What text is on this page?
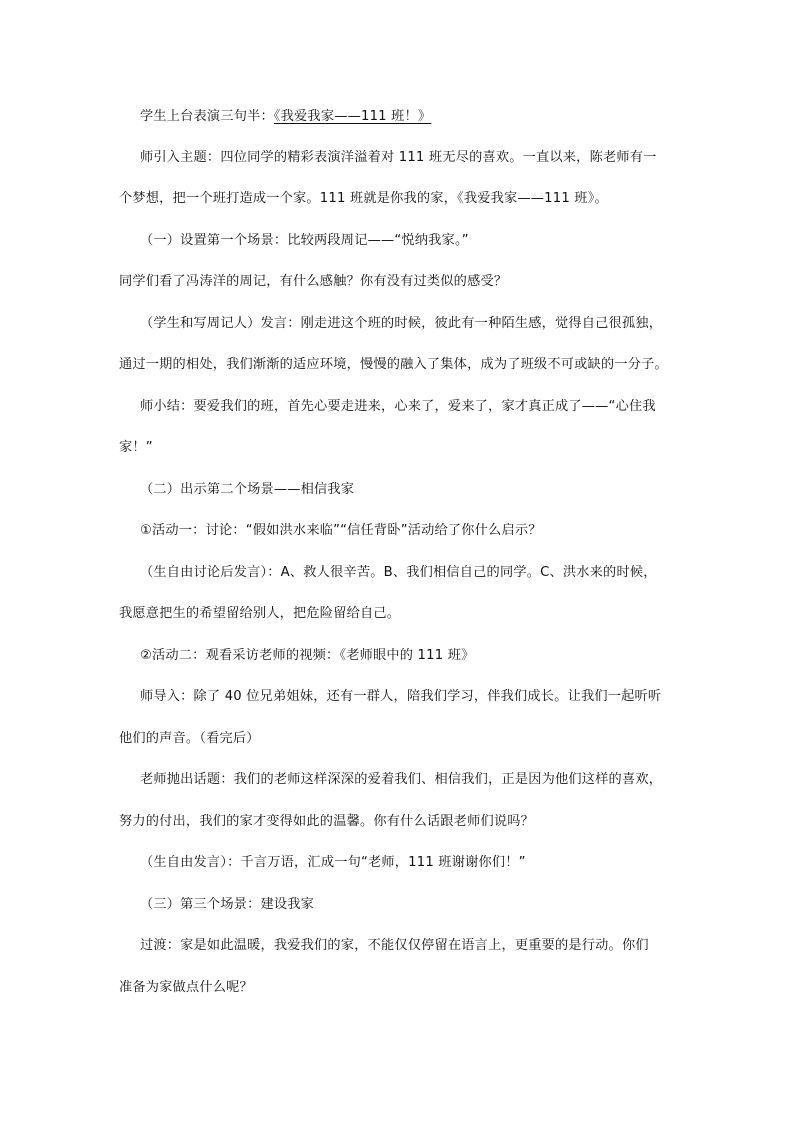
学生上台表演三句半：《我爱我家——111 班！》

师引入主题：四位同学的精彩表演洋溢着对 111 班无尽的喜欢。一直以来，陈老师有一

个梦想，把一个班打造成一个家。111 班就是你我的家，《我爱我家——111 班》。

（一）设置第一个场景：比较两段周记——“悦纳我家。”

同学们看了冯涛洋的周记，有什么感触？你有没有过类似的感受？

（学生和写周记人）发言：刚走进这个班的时候，彼此有一种陌生感，觉得自己很孤独，

通过一期的相处，我们渐渐的适应环境，慢慢的融入了集体，成为了班级不可或缺的一分子。

师小结：要爱我们的班，首先心要走进来，心来了，爱来了，家才真正成了——“心住我

家！”

（二）出示第二个场景——相信我家

①活动一：讨论：“假如洪水来临”“信任背卧”活动给了你什么启示？

（生自由讨论后发言）：A、救人很辛苦。B、我们相信自己的同学。C、洪水来的时候，

我愿意把生的希望留给别人，把危险留给自己。

②活动二：观看采访老师的视频：《老师眼中的 111 班》

师导入：除了 40 位兄弟姐妹，还有一群人，陪我们学习，伴我们成长。让我们一起听听

他们的声音。（看完后）

老师抛出话题：我们的老师这样深深的爱着我们、相信我们，正是因为他们这样的喜欢，

努力的付出，我们的家才变得如此的温馨。你有什么话跟老师们说吗？

（生自由发言）：千言万语，汇成一句“老师，111 班谢谢你们！”

（三）第三个场景：建设我家

过渡：家是如此温暖，我爱我们的家，不能仅仅停留在语言上，更重要的是行动。你们

准备为家做点什么呢？
